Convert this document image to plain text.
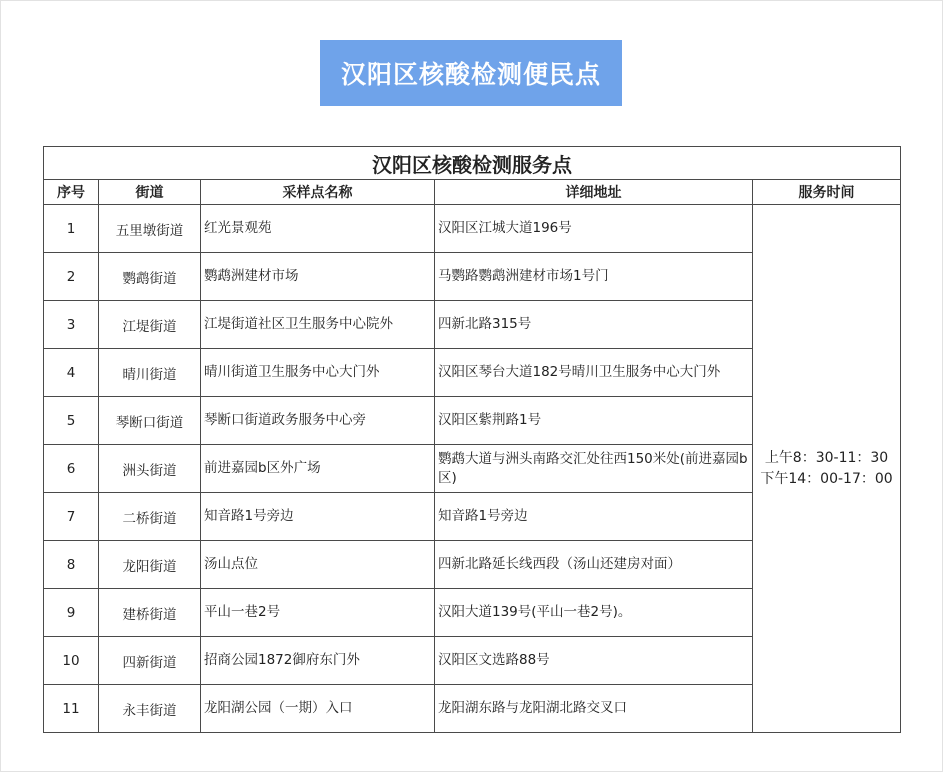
汉阳区核酸检测便民点
汉阳区核酸检测服务点				
序号	街道	采样点名称	详细地址	服务时间
1	五里墩街道	红光景观苑	汉阳区江城大道196号	上午8：30-11：30
下午14：00-17：00

2	鹦鹉街道	鹦鹉洲建材市场	马鹦路鹦鹉洲建材市场1号门	
3	江堤街道	江堤街道社区卫生服务中心院外	四新北路315号	
4	晴川街道	晴川街道卫生服务中心大门外	汉阳区琴台大道182号晴川卫生服务中心大门外	
5	琴断口街道	琴断口街道政务服务中心旁	汉阳区紫荆路1号	
6	洲头街道	前进嘉园b区外广场	鹦鹉大道与洲头南路交汇处往西150米处(前进嘉园b区)	
7	二桥街道	知音路1号旁边	知音路1号旁边	
8	龙阳街道	汤山点位	四新北路延长线西段（汤山还建房对面）	
9	建桥街道	平山一巷2号	汉阳大道139号(平山一巷2号)。	
10	四新街道	招商公园1872御府东门外	汉阳区文选路88号	
11	永丰街道	龙阳湖公园（一期）入口	龙阳湖东路与龙阳湖北路交叉口	
